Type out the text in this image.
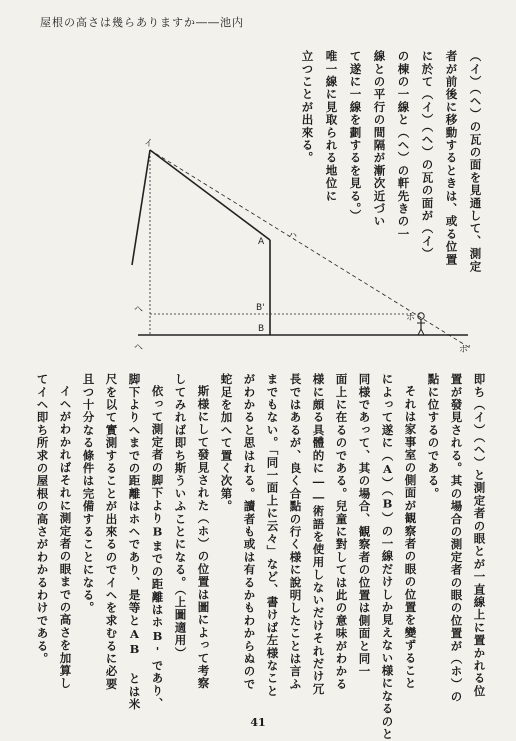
屋根の高さは幾らありますか――池内
（イ）（ヘ）の瓦の面を見通して、測定
者が前後に移動するときは、或る位置
に於て（イ）（ヘ）の瓦の面が（イ）
の棟の一線と（ヘ）の軒先きの一
線との平行の間隔が漸次近づい
て遂に一線を劃するを見る。）
唯一線に見取られる地位に
立つことが出來る。
イ
A
ハ
B'
ヘ
B
ホ
ホ'
ヘ
即ち（イ）（ヘ）と測定者の眼とが一直線上に置かれる位
置が發見される。其の場合の測定者の眼の位置が（ホ）の
點に位するのである。
それは家事室の側面が観察者の眼の位置を變ずること
によって遂に（A）（B）の一線だけしか見えない様になるのと
同様であって、其の場合、観察者の位置は側面と同一
面上に在るのである。兒童に對しては此の意味がわかる
様に頗る具體的に――術語を使用しないだけそれだけ冗
長ではあるが、良く合點の行く様に說明したことは言ふ
までもない。「同一面上に云々」など、書けば左様なこと
がわかると思はれる。讀者も或は有るかもわからぬので
蛇足を加へて置く次第。
斯様にして發見された（ホ）の位置は圖によって考察
してみれば即ち斯ういふことになる。（上圖適用）
依って測定者の脚下よりBまでの距離はホB'であり、
脚下よりへまでの距離はホヘであり、是等とAB とは米
尺を以て實測することが出來るのでイヘを求むるに必要
且つ十分なる條件は完備することになる。
イヘがわかればそれに測定者の眼までの高さを加算し
てイヘ即ち所求の屋根の高さがわかるわけである。
41
